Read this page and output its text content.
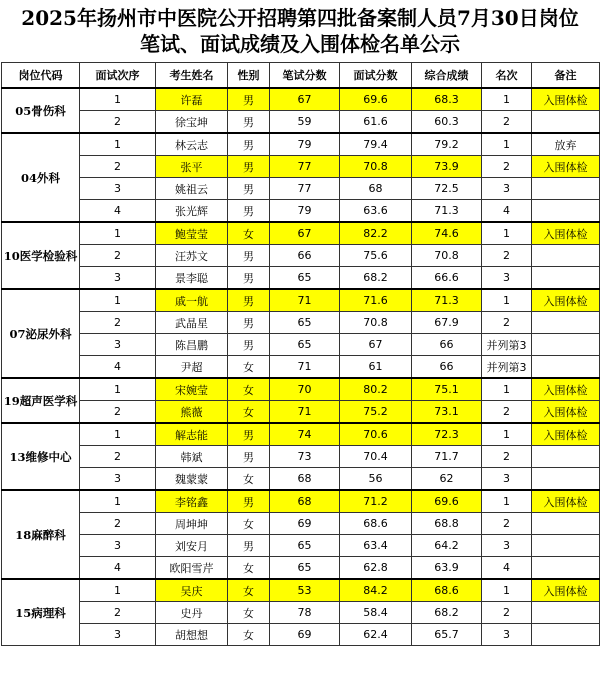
2025年扬州市中医院公开招聘第四批备案制人员7月30日岗位
笔试、面试成绩及入围体检名单公示
岗位代码	面试次序	考生姓名	性别	笔试分数	面试分数	综合成绩	名次	备注
05骨伤科	1	许磊	男	67	69.6	68.3	1	入围体检
	2	徐宝坤	男	59	61.6	60.3	2	
04外科	1	林云志	男	79	79.4	79.2	1	放弃
	2	张平	男	77	70.8	73.9	2	入围体检
	3	姚祖云	男	77	68	72.5	3	
	4	张光辉	男	79	63.6	71.3	4	
10医学检验科	1	鲍莹莹	女	67	82.2	74.6	1	入围体检
	2	汪苏文	男	66	75.6	70.8	2	
	3	景李聪	男	65	68.2	66.6	3	
07泌尿外科	1	戚一航	男	71	71.6	71.3	1	入围体检
	2	武晶星	男	65	70.8	67.9	2	
	3	陈昌鹏	男	65	67	66	并列第3	
	4	尹超	女	71	61	66	并列第3	
19超声医学科	1	宋婉莹	女	70	80.2	75.1	1	入围体检
	2	熊薇	女	71	75.2	73.1	2	入围体检
13维修中心	1	解志能	男	74	70.6	72.3	1	入围体检
	2	韩斌	男	73	70.4	71.7	2	
	3	魏蒙蒙	女	68	56	62	3	
18麻醉科	1	李铭鑫	男	68	71.2	69.6	1	入围体检
	2	周坤坤	女	69	68.6	68.8	2	
	3	刘安月	男	65	63.4	64.2	3	
	4	欧阳雪芹	女	65	62.8	63.9	4	
15病理科	1	吴庆	女	53	84.2	68.6	1	入围体检
	2	史丹	女	78	58.4	68.2	2	
	3	胡想想	女	69	62.4	65.7	3	
